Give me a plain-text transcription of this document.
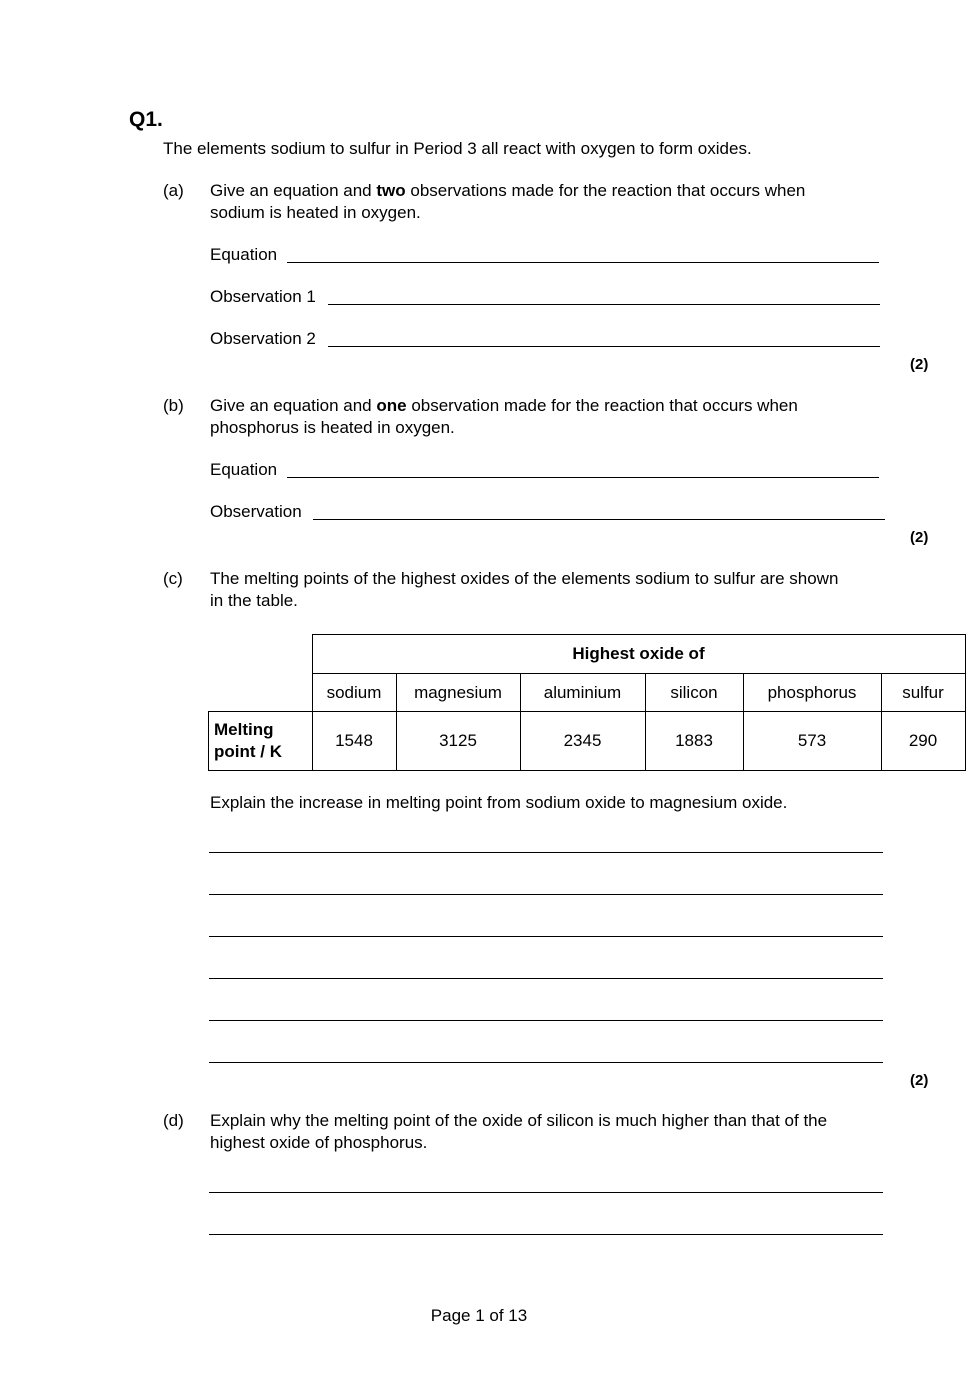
Q1.
The elements sodium to sulfur in Period 3 all react with oxygen to form oxides.
(a) Give an equation and two observations made for the reaction that occurs when
sodium is heated in oxygen.
Equation
Observation 1
Observation 2
(2)
(b) Give an equation and one observation made for the reaction that occurs when
phosphorus is heated in oxygen.
Equation
Observation
(2)
(c) The melting points of the highest oxides of the elements sodium to sulfur are shown
in the table.
	Highest oxide of					
	sodium	magnesium	aluminium	silicon	phosphorus	sulfur
Melting
point / K	1548	3125	2345	1883	573	290
Explain the increase in melting point from sodium oxide to magnesium oxide.
(2)
(d) Explain why the melting point of the oxide of silicon is much higher than that of the
highest oxide of phosphorus.
Page 1 of 13
